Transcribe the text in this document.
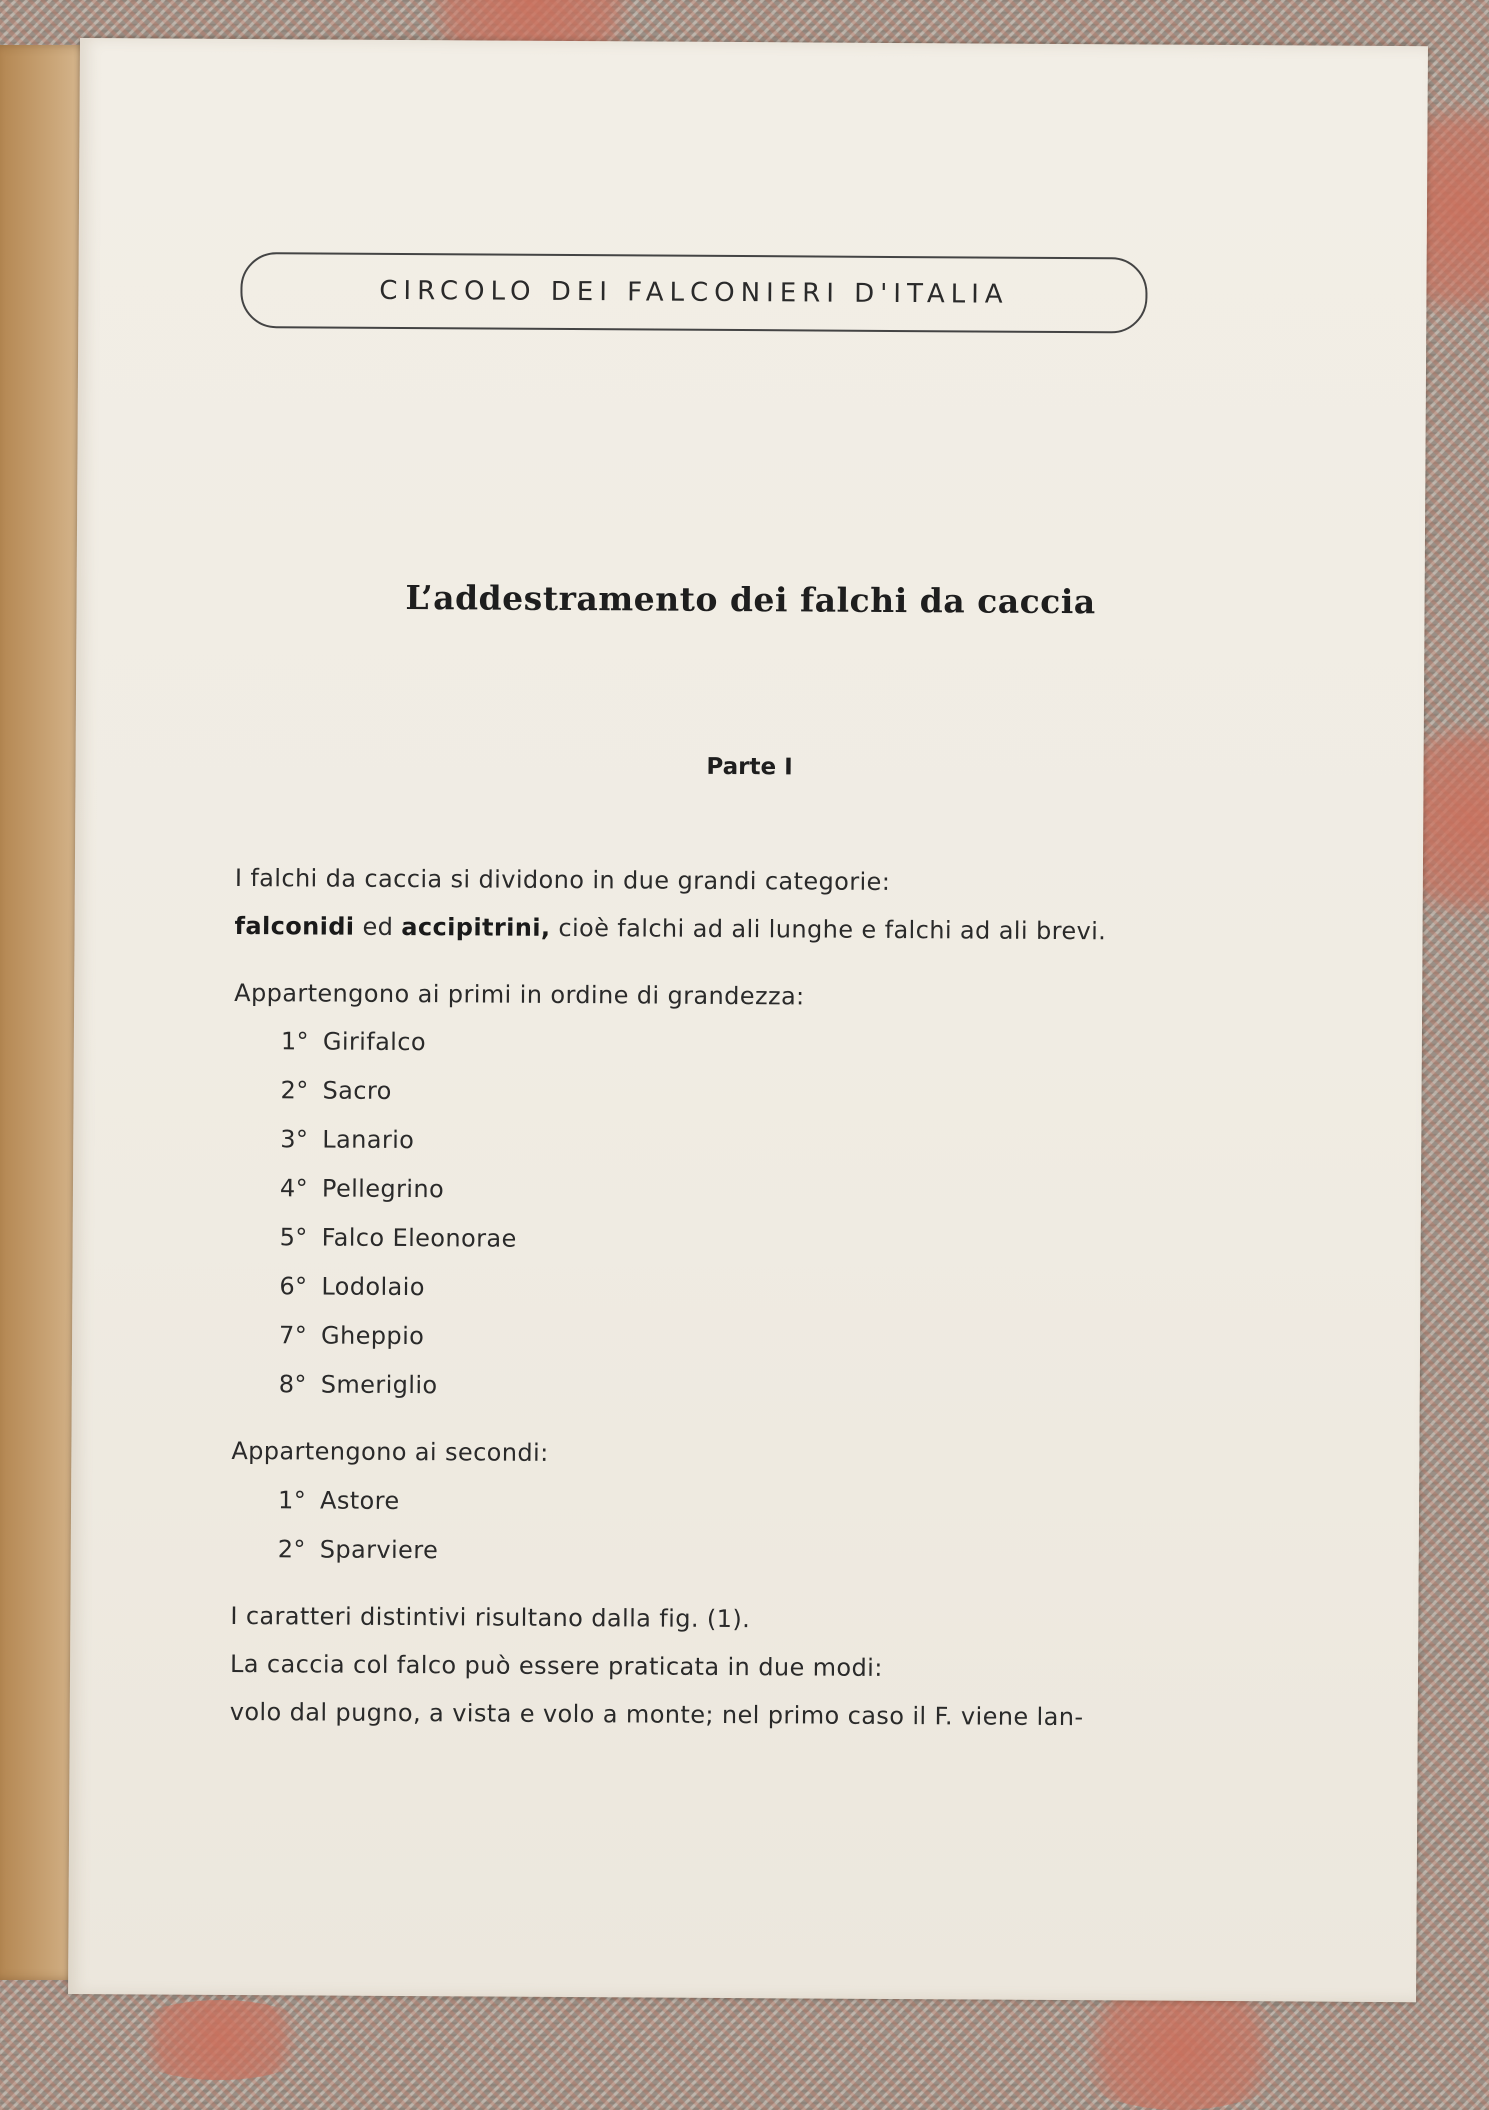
CIRCOLO DEI FALCONIERI D'ITALIA
L’addestramento dei falchi da caccia
Parte I
I falchi da caccia si dividono in due grandi categorie:
falconidi ed accipitrini, cioè falchi ad ali lunghe e falchi ad ali brevi.
Appartengono ai primi in ordine di grandezza:
1° Girifalco
2° Sacro
3° Lanario
4° Pellegrino
5° Falco Eleonorae
6° Lodolaio
7° Gheppio
8° Smeriglio
Appartengono ai secondi:
1° Astore
2° Sparviere
I caratteri distintivi risultano dalla fig. (1).
La caccia col falco può essere praticata in due modi:
volo dal pugno, a vista e volo a monte; nel primo caso il F. viene lan-
